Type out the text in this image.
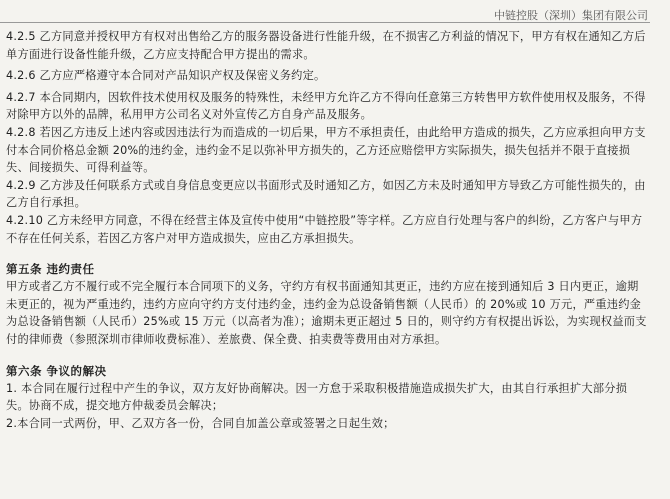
中链控股（深圳）集团有限公司

4.2.5 乙方同意并授权甲方有权对出售给乙方的服务器设备进行性能升级，在不损害乙方利益的情况下，甲方有权在通知乙方后单方面进行设备性能升级，乙方应支持配合甲方提出的需求。

4.2.6 乙方应严格遵守本合同对产品知识产权及保密义务约定。

4.2.7 本合同期内，因软件技术使用权及服务的特殊性，未经甲方允许乙方不得向任意第三方转售甲方软件使用权及服务，不得对除甲方以外的品牌，私用甲方公司名义对外宣传乙方自身产品及服务。

4.2.8 若因乙方违反上述内容或因违法行为而造成的一切后果，甲方不承担责任，由此给甲方造成的损失，乙方应承担向甲方支付本合同价格总金额 20%的违约金，违约金不足以弥补甲方损失的，乙方还应赔偿甲方实际损失，损失包括并不限于直接损失、间接损失、可得利益等。

4.2.9 乙方涉及任何联系方式或自身信息变更应以书面形式及时通知乙方，如因乙方未及时通知甲方导致乙方可能性损失的，由乙方自行承担。

4.2.10 乙方未经甲方同意，不得在经营主体及宣传中使用“中链控股”等字样。乙方应自行处理与客户的纠纷，乙方客户与甲方不存在任何关系，若因乙方客户对甲方造成损失，应由乙方承担损失。

第五条 违约责任

甲方或者乙方不履行或不完全履行本合同项下的义务，守约方有权书面通知其更正，违约方应在接到通知后 3 日内更正，逾期未更正的，视为严重违约，违约方应向守约方支付违约金，违约金为总设备销售额（人民币）的 20%或 10 万元，严重违约金为总设备销售额（人民币）25%或 15 万元（以高者为准）；逾期未更正超过 5 日的，则守约方有权提出诉讼，为实现权益而支付的律师费（参照深圳市律师收费标准）、差旅费、保全费、拍卖费等费用由对方承担。

第六条 争议的解决

1. 本合同在履行过程中产生的争议，双方友好协商解决。因一方怠于采取积极措施造成损失扩大，由其自行承担扩大部分损失。协商不成，提交地方仲裁委员会解决；

2.本合同一式两份，甲、乙双方各一份，合同自加盖公章或签署之日起生效；
